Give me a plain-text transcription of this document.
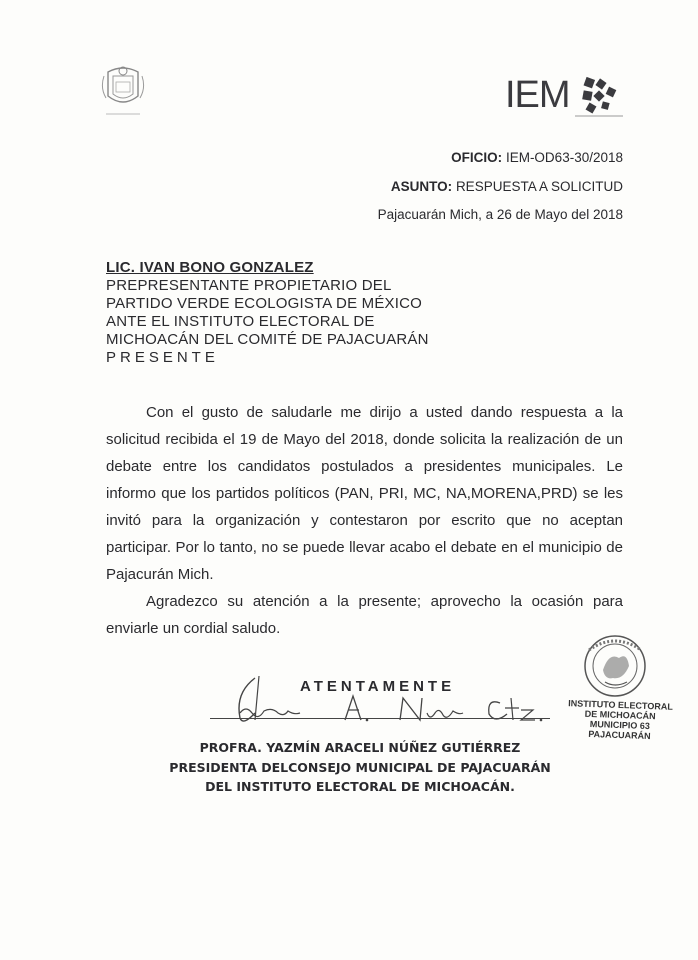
IEM
OFICIO: IEM-OD63-30/2018
ASUNTO: RESPUESTA A SOLICITUD
Pajacuarán Mich, a 26 de Mayo del 2018
LIC. IVAN BONO GONZALEZ
PREPRESENTANTE PROPIETARIO DEL
PARTIDO VERDE ECOLOGISTA DE MÉXICO
ANTE EL INSTITUTO ELECTORAL DE
MICHOACÁN DEL COMITÉ DE PAJACUARÁN
PRESENTE

Con el gusto de saludarle me dirijo a usted dando respuesta a la solicitud recibida el 19 de Mayo del 2018, donde solicita la realización de un debate entre los candidatos postulados a presidentes municipales. Le informo que los partidos políticos (PAN, PRI, MC, NA,MORENA,PRD) se les invitó para la organización y contestaron por escrito que no aceptan participar. Por lo tanto, no se puede llevar acabo el debate en el municipio de Pajacurán Mich.

Agradezco su atención a la presente; aprovecho la ocasión para enviarle un cordial saludo.

ATENTAMENTE
PROFRA. YAZMÍN ARACELI NÚÑEZ GUTIÉRREZ
PRESIDENTA DELCONSEJO MUNICIPAL DE PAJACUARÁN
DEL INSTITUTO ELECTORAL DE MICHOACÁN.
INSTITUTO ELECTORAL
DE MICHOACÁN
MUNICIPIO 63
PAJACUARÁN
